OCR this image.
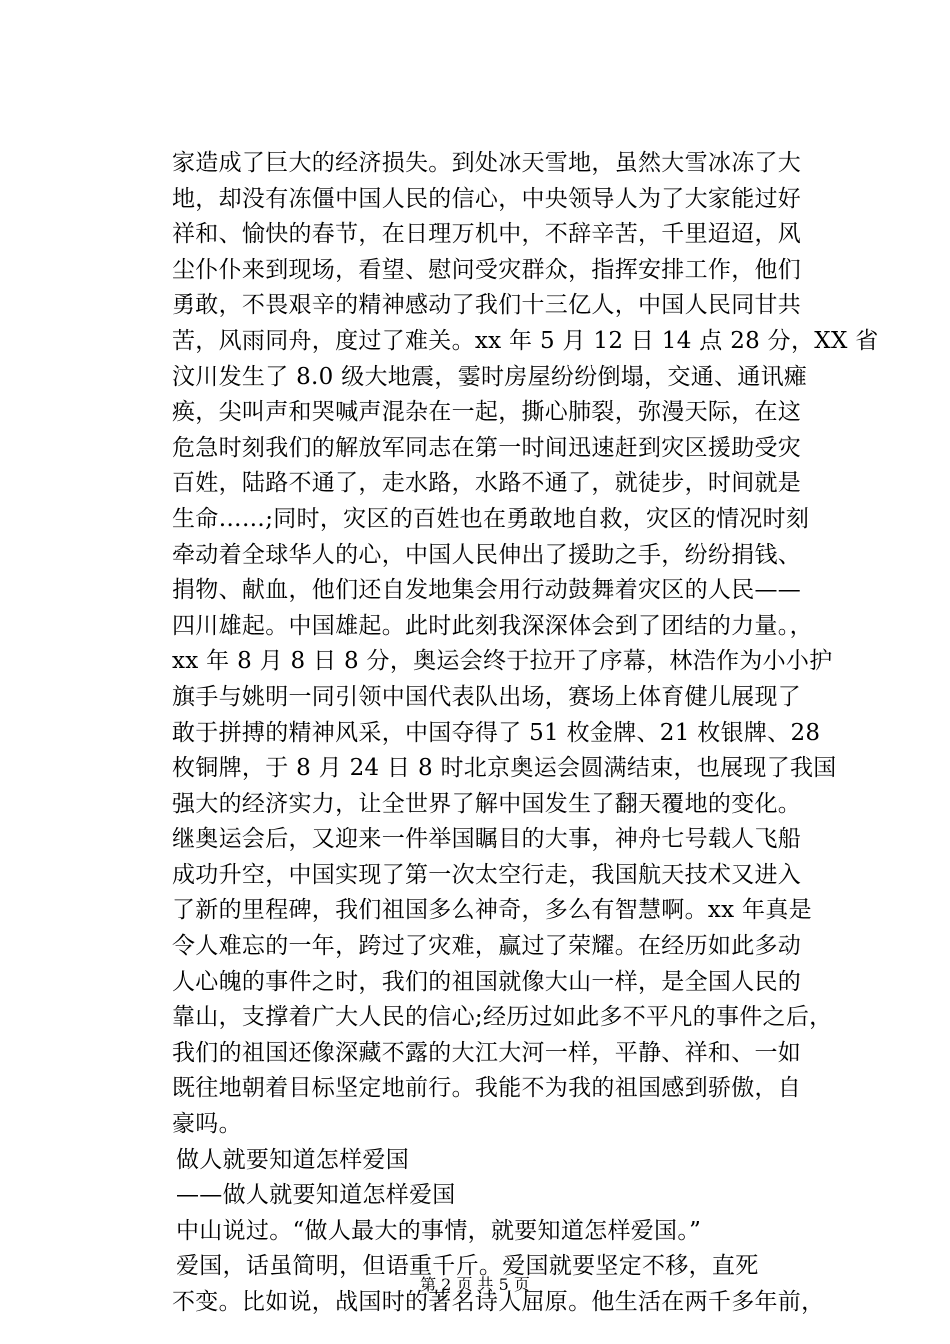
家造成了巨大的经济损失。到处冰天雪地，虽然大雪冰冻了大
地，却没有冻僵中国人民的信心，中央领导人为了大家能过好
祥和、愉快的春节，在日理万机中，不辞辛苦，千里迢迢，风
尘仆仆来到现场，看望、慰问受灾群众，指挥安排工作，他们
勇敢，不畏艰辛的精神感动了我们十三亿人，中国人民同甘共
苦，风雨同舟，度过了难关。xx 年 5 月 12 日 14 点 28 分，XX 省
汶川发生了 8.0 级大地震，霎时房屋纷纷倒塌，交通、通讯瘫
痪，尖叫声和哭喊声混杂在一起，撕心肺裂，弥漫天际，在这
危急时刻我们的解放军同志在第一时间迅速赶到灾区援助受灾
百姓，陆路不通了，走水路，水路不通了，就徒步，时间就是
生命……;同时，灾区的百姓也在勇敢地自救，灾区的情况时刻
牵动着全球华人的心，中国人民伸出了援助之手，纷纷捐钱、
捐物、献血，他们还自发地集会用行动鼓舞着灾区的人民——
四川雄起。中国雄起。此时此刻我深深体会到了团结的力量。，
xx 年 8 月 8 日 8 分，奥运会终于拉开了序幕，林浩作为小小护
旗手与姚明一同引领中国代表队出场，赛场上体育健儿展现了
敢于拼搏的精神风采，中国夺得了 51 枚金牌、21 枚银牌、28
枚铜牌，于 8 月 24 日 8 时北京奥运会圆满结束，也展现了我国
强大的经济实力，让全世界了解中国发生了翻天覆地的变化。
继奥运会后，又迎来一件举国瞩目的大事，神舟七号载人飞船
成功升空，中国实现了第一次太空行走，我国航天技术又进入
了新的里程碑，我们祖国多么神奇，多么有智慧啊。xx 年真是
令人难忘的一年，跨过了灾难，赢过了荣耀。在经历如此多动
人心魄的事件之时，我们的祖国就像大山一样，是全国人民的
靠山，支撑着广大人民的信心;经历过如此多不平凡的事件之后，
我们的祖国还像深藏不露的大江大河一样，平静、祥和、一如
既往地朝着目标坚定地前行。我能不为我的祖国感到骄傲，自
豪吗。
做人就要知道怎样爱国
——做人就要知道怎样爱国
中山说过。“做人最大的事情，就要知道怎样爱国。”
爱国，话虽简明，但语重千斤。爱国就要坚定不移，直死
不变。比如说，战国时的著名诗人屈原。他生活在两千多年前，
第 2 页 共 5 页
